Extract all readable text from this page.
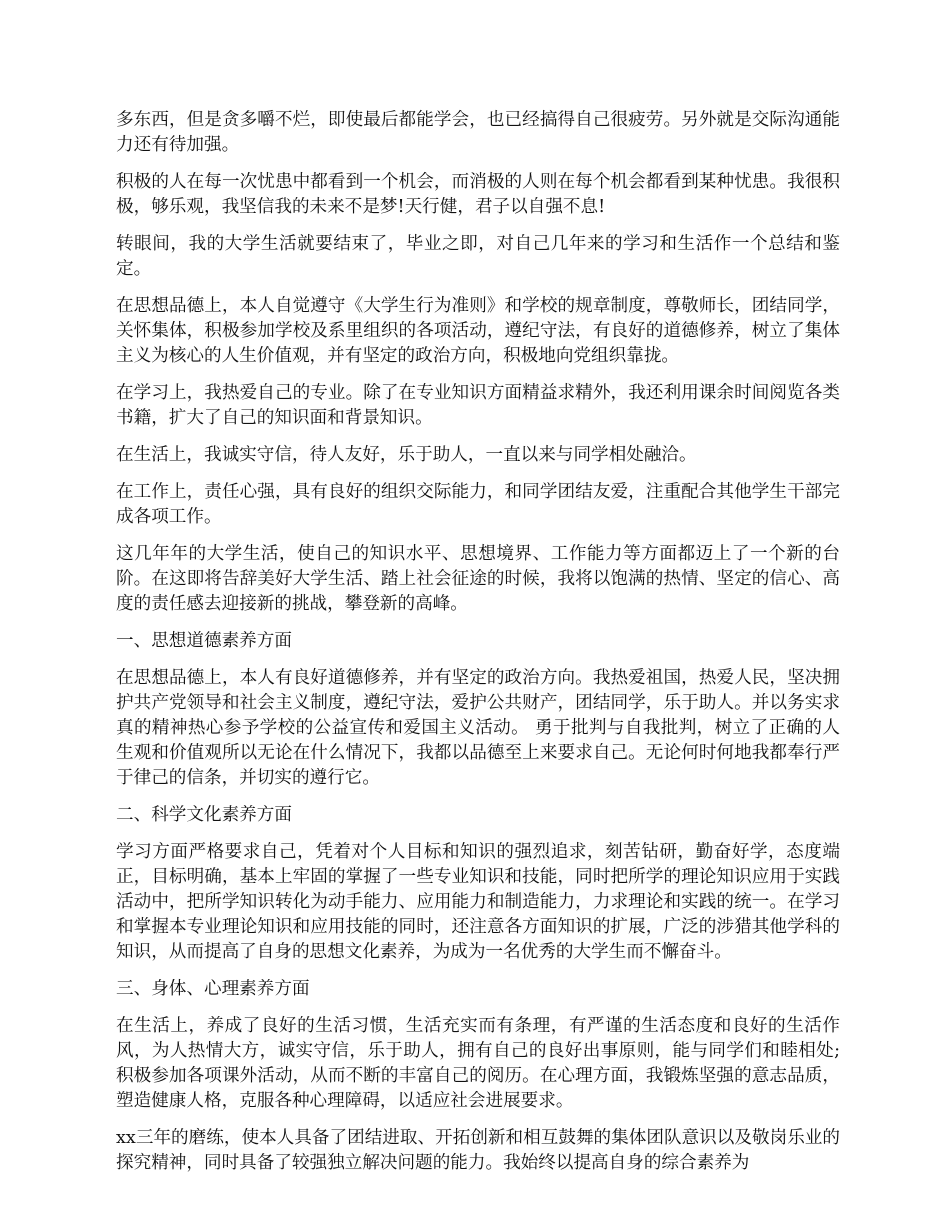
多东西，但是贪多嚼不烂，即使最后都能学会，也已经搞得自己很疲劳。另外就是交际沟通能力还有待加强。

积极的人在每一次忧患中都看到一个机会，而消极的人则在每个机会都看到某种忧患。我很积极，够乐观，我坚信我的未来不是梦!天行健，君子以自强不息!

转眼间，我的大学生活就要结束了，毕业之即，对自己几年来的学习和生活作一个总结和鉴定。

在思想品德上，本人自觉遵守《大学生行为准则》和学校的规章制度，尊敬师长，团结同学，关怀集体，积极参加学校及系里组织的各项活动，遵纪守法，有良好的道德修养，树立了集体主义为核心的人生价值观，并有坚定的政治方向，积极地向党组织靠拢。

在学习上，我热爱自己的专业。除了在专业知识方面精益求精外，我还利用课余时间阅览各类书籍，扩大了自己的知识面和背景知识。

在生活上，我诚实守信，待人友好，乐于助人，一直以来与同学相处融洽。

在工作上，责任心强，具有良好的组织交际能力，和同学团结友爱，注重配合其他学生干部完成各项工作。

这几年年的大学生活，使自己的知识水平、思想境界、工作能力等方面都迈上了一个新的台阶。在这即将告辞美好大学生活、踏上社会征途的时候，我将以饱满的热情、坚定的信心、高度的责任感去迎接新的挑战，攀登新的高峰。

一、思想道德素养方面

在思想品德上，本人有良好道德修养，并有坚定的政治方向。我热爱祖国，热爱人民，坚决拥护共产党领导和社会主义制度，遵纪守法，爱护公共财产，团结同学，乐于助人。并以务实求真的精神热心参予学校的公益宣传和爱国主义活动。 勇于批判与自我批判，树立了正确的人生观和价值观所以无论在什么情况下，我都以品德至上来要求自己。无论何时何地我都奉行严于律己的信条，并切实的遵行它。

二、科学文化素养方面

学习方面严格要求自己，凭着对个人目标和知识的强烈追求，刻苦钻研，勤奋好学，态度端正，目标明确，基本上牢固的掌握了一些专业知识和技能，同时把所学的理论知识应用于实践活动中，把所学知识转化为动手能力、应用能力和制造能力，力求理论和实践的统一。在学习和掌握本专业理论知识和应用技能的同时，还注意各方面知识的扩展，广泛的涉猎其他学科的知识，从而提高了自身的思想文化素养，为成为一名优秀的大学生而不懈奋斗。

三、身体、心理素养方面

在生活上，养成了良好的生活习惯，生活充实而有条理，有严谨的生活态度和良好的生活作风，为人热情大方，诚实守信，乐于助人，拥有自己的良好出事原则，能与同学们和睦相处;积极参加各项课外活动，从而不断的丰富自己的阅历。在心理方面，我锻炼坚强的意志品质，塑造健康人格，克服各种心理障碍，以适应社会进展要求。

xx三年的磨练，使本人具备了团结进取、开拓创新和相互鼓舞的集体团队意识以及敬岗乐业的探究精神，同时具备了较强独立解决问题的能力。我始终以提高自身的综合素养为
